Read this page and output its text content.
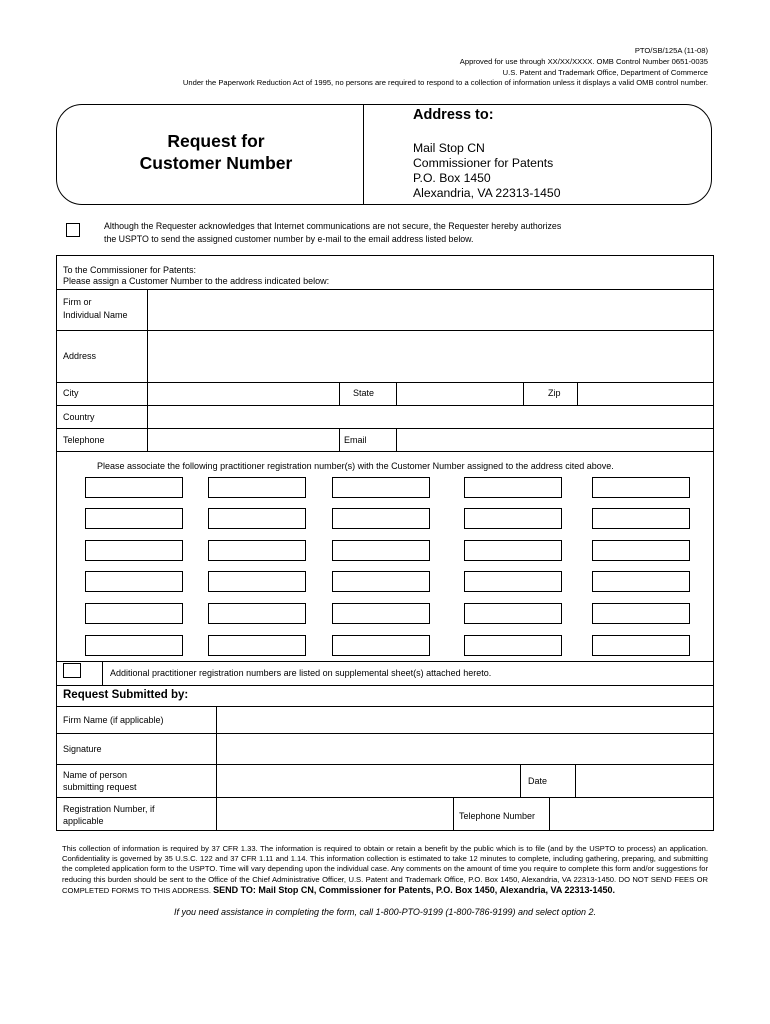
PTO/SB/125A (11-08)
Approved for use through XX/XX/XXXX. OMB Control Number 0651-0035
U.S. Patent and Trademark Office, Department of Commerce
Under the Paperwork Reduction Act of 1995, no persons are required to respond to a collection of information unless it displays a valid OMB control number.
Request for
Customer Number
Address to:
Mail Stop CN
Commissioner for Patents
P.O. Box 1450
Alexandria, VA 22313-1450
Although the Requester acknowledges that Internet communications are not secure, the Requester hereby authorizes
the USPTO to send the assigned customer number by e-mail to the email address listed below.
To the Commissioner for Patents:
Please assign a Customer Number to the address indicated below:
Firm or
Individual Name
Address
City	State	Zip
Country
Telephone	Email
Please associate the following practitioner registration number(s) with the Customer Number assigned to the address cited above.
Additional practitioner registration numbers are listed on supplemental sheet(s) attached hereto.
Request Submitted by:
Firm Name (if applicable)
Signature
Name of person
submitting request
Date
Registration Number, if
applicable	Telephone Number
This collection of information is required by 37 CFR 1.33. The information is required to obtain or retain a benefit by the public which is to file (and by the USPTO to process) an application. Confidentiality is governed by 35 U.S.C. 122 and 37 CFR 1.11 and 1.14. This information collection is estimated to take 12 minutes to complete, including gathering, preparing, and submitting the completed application form to the USPTO. Time will vary depending upon the individual case. Any comments on the amount of time you require to complete this form and/or suggestions for reducing this burden should be sent to the Office of the Chief Administrative Officer, U.S. Patent and Trademark Office, P.O. Box 1450, Alexandria, VA 22313-1450. DO NOT SEND FEES OR COMPLETED FORMS TO THIS ADDRESS. SEND TO: Mail Stop CN, Commissioner for Patents, P.O. Box 1450, Alexandria, VA 22313-1450.
If you need assistance in completing the form, call 1-800-PTO-9199 (1-800-786-9199) and select option 2.
